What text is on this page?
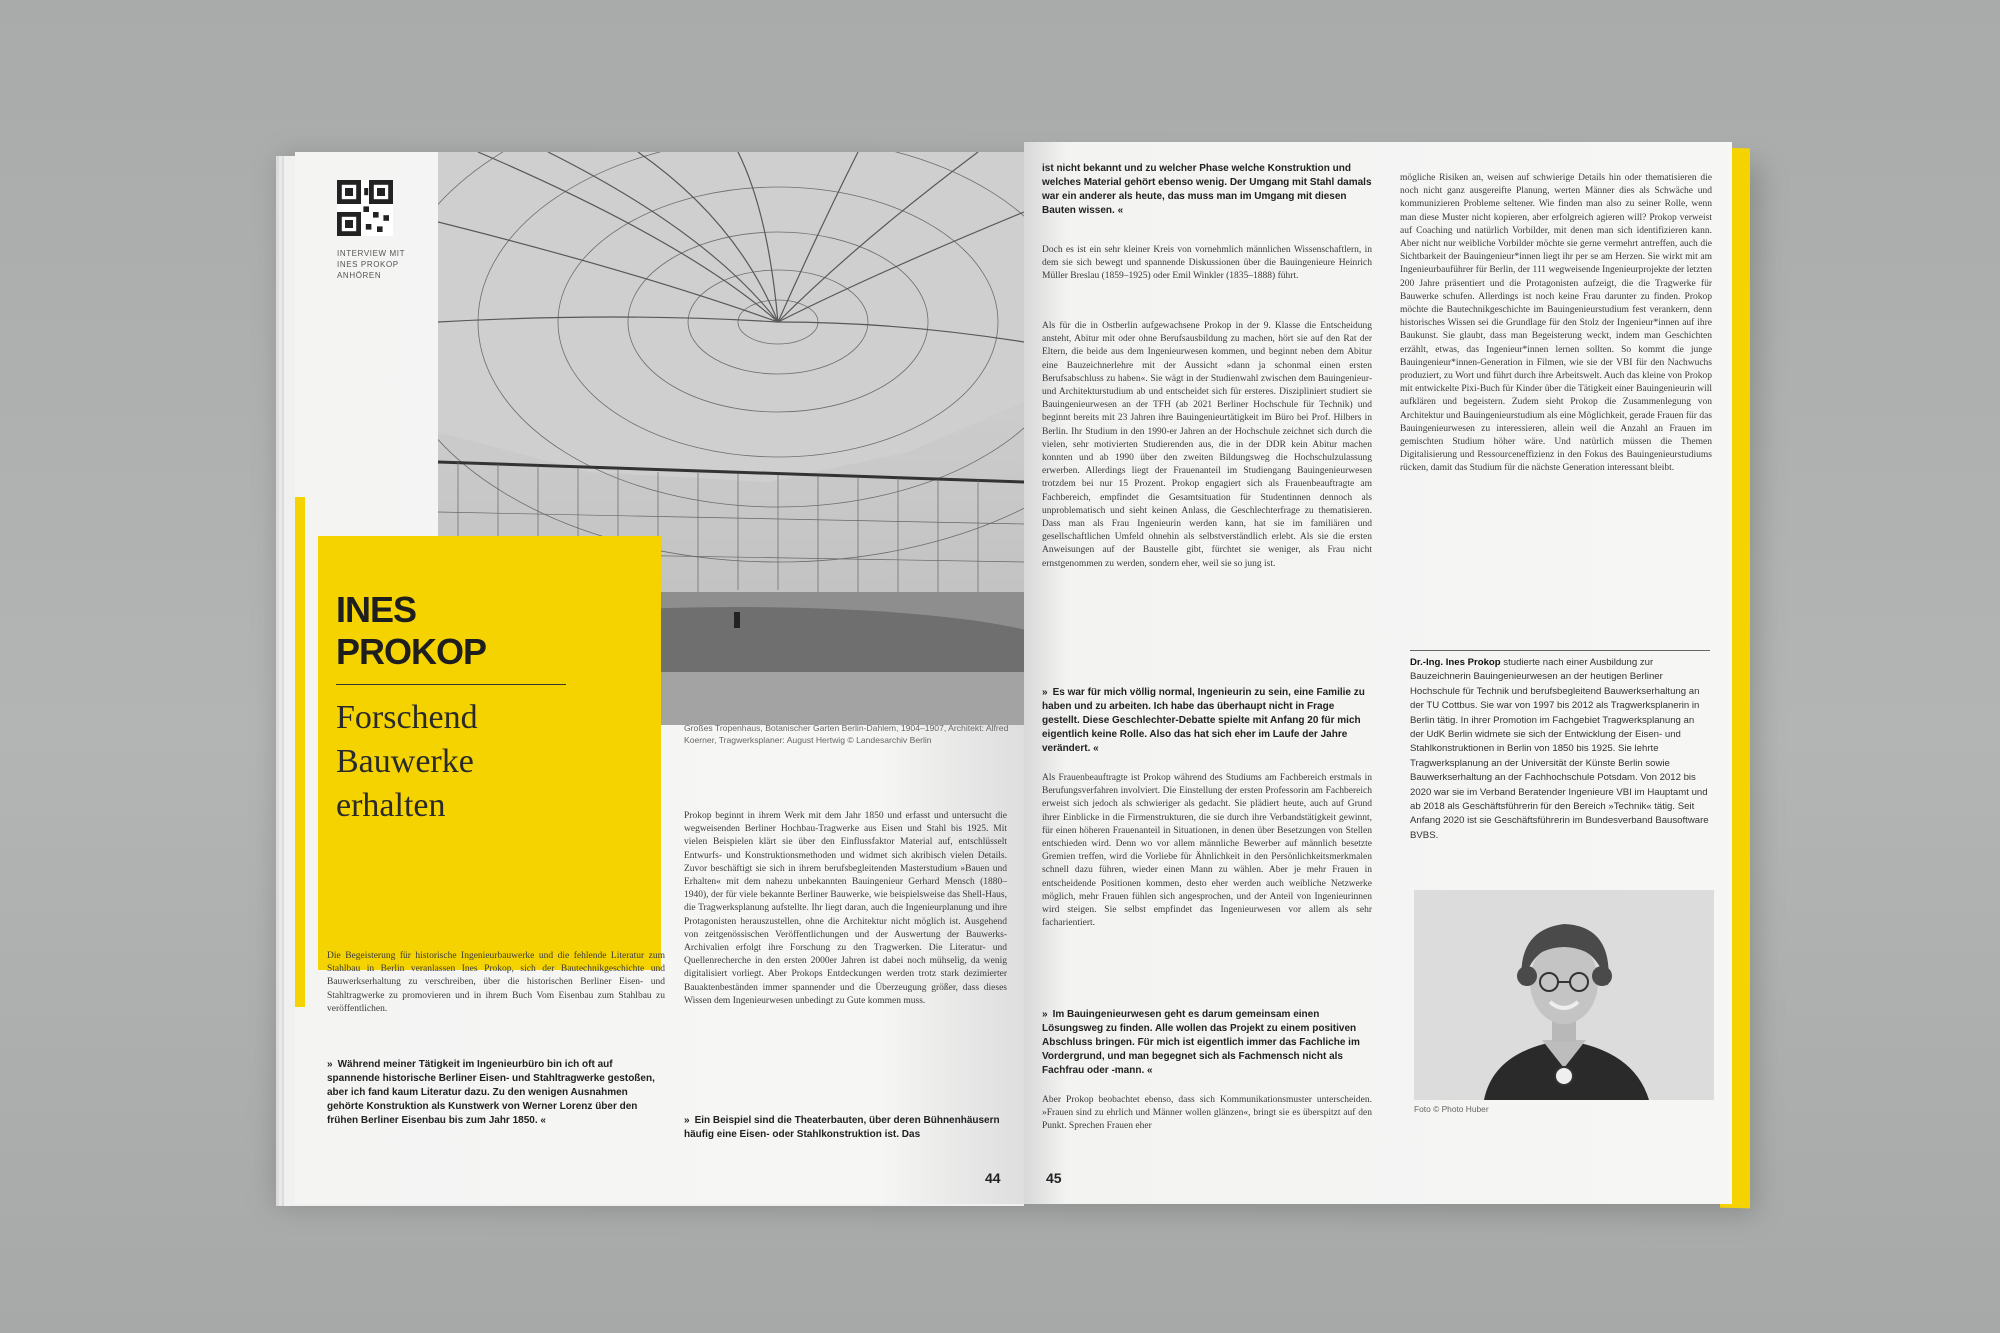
INTERVIEW MIT INES PROKOP ANHÖREN
Großes Tropenhaus, Botanischer Garten Berlin-Dahlem, 1904–1907, Architekt: Alfred Koerner, Tragwerksplaner: August Hertwig © Landesarchiv Berlin
INES
PROKOP
Forschend Bauwerke erhalten
Die Begeisterung für historische Ingenieurbauwerke und die fehlende Literatur zum Stahlbau in Berlin veranlassen Ines Prokop, sich der Bautechnikgeschichte und Bauwerkserhaltung zu verschreiben, über die historischen Berliner Eisen- und Stahltragwerke zu promovieren und in ihrem Buch Vom Eisenbau zum Stahlbau zu veröffentlichen.
» Während meiner Tätigkeit im Ingenieurbüro bin ich oft auf spannende historische Berliner Eisen- und Stahltragwerke gestoßen, aber ich fand kaum Literatur dazu. Zu den wenigen Ausnahmen gehörte Konstruktion als Kunstwerk von Werner Lorenz über den frühen Berliner Eisenbau bis zum Jahr 1850. «
Prokop beginnt in ihrem Werk mit dem Jahr 1850 und erfasst und untersucht die wegweisenden Berliner Hochbau-Tragwerke aus Eisen und Stahl bis 1925. Mit vielen Beispielen klärt sie über den Einflussfaktor Material auf, entschlüsselt Entwurfs- und Konstruktionsmethoden und widmet sich akribisch vielen Details. Zuvor beschäftigt sie sich in ihrem berufsbegleitenden Masterstudium »Bauen und Erhalten« mit dem nahezu unbekannten Bauingenieur Gerhard Mensch (1880–1940), der für viele bekannte Berliner Bauwerke, wie beispielsweise das Shell-Haus, die Tragwerksplanung aufstellte. Ihr liegt daran, auch die Ingenieurplanung und ihre Protagonisten herauszustellen, ohne die Architektur nicht möglich ist. Ausgehend von zeitgenössischen Veröffentlichungen und der Auswertung der Bauwerks-Archivalien erfolgt ihre Forschung zu den Tragwerken. Die Literatur- und Quellenrecherche in den ersten 2000er Jahren ist dabei noch mühselig, da wenig digitalisiert vorliegt. Aber Prokops Entdeckungen werden trotz stark dezimierter Bauaktenbeständen immer spannender und die Überzeugung größer, dass dieses Wissen dem Ingenieurwesen unbedingt zu Gute kommen muss.
» Ein Beispiel sind die Theaterbauten, über deren Bühnenhäusern häufig eine Eisen- oder Stahlkonstruktion ist. Das
44
ist nicht bekannt und zu welcher Phase welche Konstruktion und welches Material gehört ebenso wenig. Der Umgang mit Stahl damals war ein anderer als heute, das muss man im Umgang mit diesen Bauten wissen. «
Doch es ist ein sehr kleiner Kreis von vornehmlich männlichen Wissenschaftlern, in dem sie sich bewegt und spannende Diskussionen über die Bauingenieure Heinrich Müller Breslau (1859–1925) oder Emil Winkler (1835–1888) führt.
Als für die in Ostberlin aufgewachsene Prokop in der 9. Klasse die Entscheidung ansteht, Abitur mit oder ohne Berufsausbildung zu machen, hört sie auf den Rat der Eltern, die beide aus dem Ingenieurwesen kommen, und beginnt neben dem Abitur eine Bauzeichnerlehre mit der Aussicht »dann ja schonmal einen ersten Berufsabschluss zu haben«. Sie wägt in der Studienwahl zwischen dem Bauingenieur- und Architekturstudium ab und entscheidet sich für ersteres. Diszipliniert studiert sie Bauingenieurwesen an der TFH (ab 2021 Berliner Hochschule für Technik) und beginnt bereits mit 23 Jahren ihre Bauingenieurtätigkeit im Büro bei Prof. Hilbers in Berlin. Ihr Studium in den 1990-er Jahren an der Hochschule zeichnet sich durch die vielen, sehr motivierten Studierenden aus, die in der DDR kein Abitur machen konnten und ab 1990 über den zweiten Bildungsweg die Hochschulzulassung erwerben. Allerdings liegt der Frauenanteil im Studiengang Bauingenieurwesen trotzdem bei nur 15 Prozent. Prokop engagiert sich als Frauenbeauftragte am Fachbereich, empfindet die Gesamtsituation für Studentinnen dennoch als unproblematisch und sieht keinen Anlass, die Geschlechterfrage zu thematisieren. Dass man als Frau Ingenieurin werden kann, hat sie im familiären und gesellschaftlichen Umfeld ohnehin als selbstverständlich erlebt. Als sie die ersten Anweisungen auf der Baustelle gibt, fürchtet sie weniger, als Frau nicht ernstgenommen zu werden, sondern eher, weil sie so jung ist.
» Es war für mich völlig normal, Ingenieurin zu sein, eine Familie zu haben und zu arbeiten. Ich habe das überhaupt nicht in Frage gestellt. Diese Geschlechter-Debatte spielte mit Anfang 20 für mich eigentlich keine Rolle. Also das hat sich eher im Laufe der Jahre verändert. «
Als Frauenbeauftragte ist Prokop während des Studiums am Fachbereich erstmals in Berufungsverfahren involviert. Die Einstellung der ersten Professorin am Fachbereich erweist sich jedoch als schwieriger als gedacht. Sie plädiert heute, auch auf Grund ihrer Einblicke in die Firmenstrukturen, die sie durch ihre Verbandstätigkeit gewinnt, für einen höheren Frauenanteil in Situationen, in denen über Besetzungen von Stellen entschieden wird. Denn wo vor allem männliche Bewerber auf männlich besetzte Gremien treffen, wird die Vorliebe für Ähnlichkeit in den Persönlichkeitsmerkmalen schnell dazu führen, wieder einen Mann zu wählen. Aber je mehr Frauen in entscheidende Positionen kommen, desto eher werden auch weibliche Netzwerke möglich, mehr Frauen fühlen sich angesprochen, und der Anteil von Ingenieurinnen wird steigen. Sie selbst empfindet das Ingenieurwesen vor allem als sehr facharientiert.
» Im Bauingenieurwesen geht es darum gemeinsam einen Lösungsweg zu finden. Alle wollen das Projekt zu einem positiven Abschluss bringen. Für mich ist eigentlich immer das Fachliche im Vordergrund, und man begegnet sich als Fachmensch nicht als Fachfrau oder -mann. «
Aber Prokop beobachtet ebenso, dass sich Kommunikationsmuster unterscheiden. »Frauen sind zu ehrlich und Männer wollen glänzen«, bringt sie es überspitzt auf den Punkt. Sprechen Frauen eher
mögliche Risiken an, weisen auf schwierige Details hin oder thematisieren die noch nicht ganz ausgereifte Planung, werten Männer dies als Schwäche und kommunizieren Probleme seltener. Wie finden man also zu seiner Rolle, wenn man diese Muster nicht kopieren, aber erfolgreich agieren will? Prokop verweist auf Coaching und natürlich Vorbilder, mit denen man sich identifizieren kann. Aber nicht nur weibliche Vorbilder möchte sie gerne vermehrt antreffen, auch die Sichtbarkeit der Bauingenieur*innen liegt ihr per se am Herzen. Sie wirkt mit am Ingenieurbauführer für Berlin, der 111 wegweisende Ingenieurprojekte der letzten 200 Jahre präsentiert und die Protagonisten aufzeigt, die die Tragwerke für Bauwerke schufen. Allerdings ist noch keine Frau darunter zu finden. Prokop möchte die Bautechnikgeschichte im Bauingenieurstudium fest verankern, denn historisches Wissen sei die Grundlage für den Stolz der Ingenieur*innen auf ihre Baukunst. Sie glaubt, dass man Begeisterung weckt, indem man Geschichten erzählt, etwas, das Ingenieur*innen lernen sollten. So kommt die junge Bauingenieur*innen-Generation in Filmen, wie sie der VBI für den Nachwuchs produziert, zu Wort und führt durch ihre Arbeitswelt. Auch das kleine von Prokop mit entwickelte Pixi-Buch für Kinder über die Tätigkeit einer Bauingenieurin will aufklären und begeistern. Zudem sieht Prokop die Zusammenlegung von Architektur und Bauingenieurstudium als eine Möglichkeit, gerade Frauen für das Bauingenieurwesen zu interessieren, allein weil die Anzahl an Frauen im gemischten Studium höher wäre. Und natürlich müssen die Themen Digitalisierung und Ressourceneffizienz in den Fokus des Bauingenieurstudiums rücken, damit das Studium für die nächste Generation interessant bleibt.
Dr.-Ing. Ines Prokop studierte nach einer Ausbildung zur Bauzeichnerin Bauingenieurwesen an der heutigen Berliner Hochschule für Technik und berufsbegleitend Bauwerkserhaltung an der TU Cottbus. Sie war von 1997 bis 2012 als Tragwerksplanerin in Berlin tätig. In ihrer Promotion im Fachgebiet Tragwerksplanung an der UdK Berlin widmete sie sich der Entwicklung der Eisen- und Stahlkonstruktionen in Berlin von 1850 bis 1925. Sie lehrte Tragwerksplanung an der Universität der Künste Berlin sowie Bauwerkserhaltung an der Fachhochschule Potsdam. Von 2012 bis 2020 war sie im Verband Beratender Ingenieure VBI im Hauptamt und ab 2018 als Geschäftsführerin für den Bereich »Technik« tätig. Seit Anfang 2020 ist sie Geschäftsführerin im Bundesverband Bausoftware BVBS.
Foto © Photo Huber
45
